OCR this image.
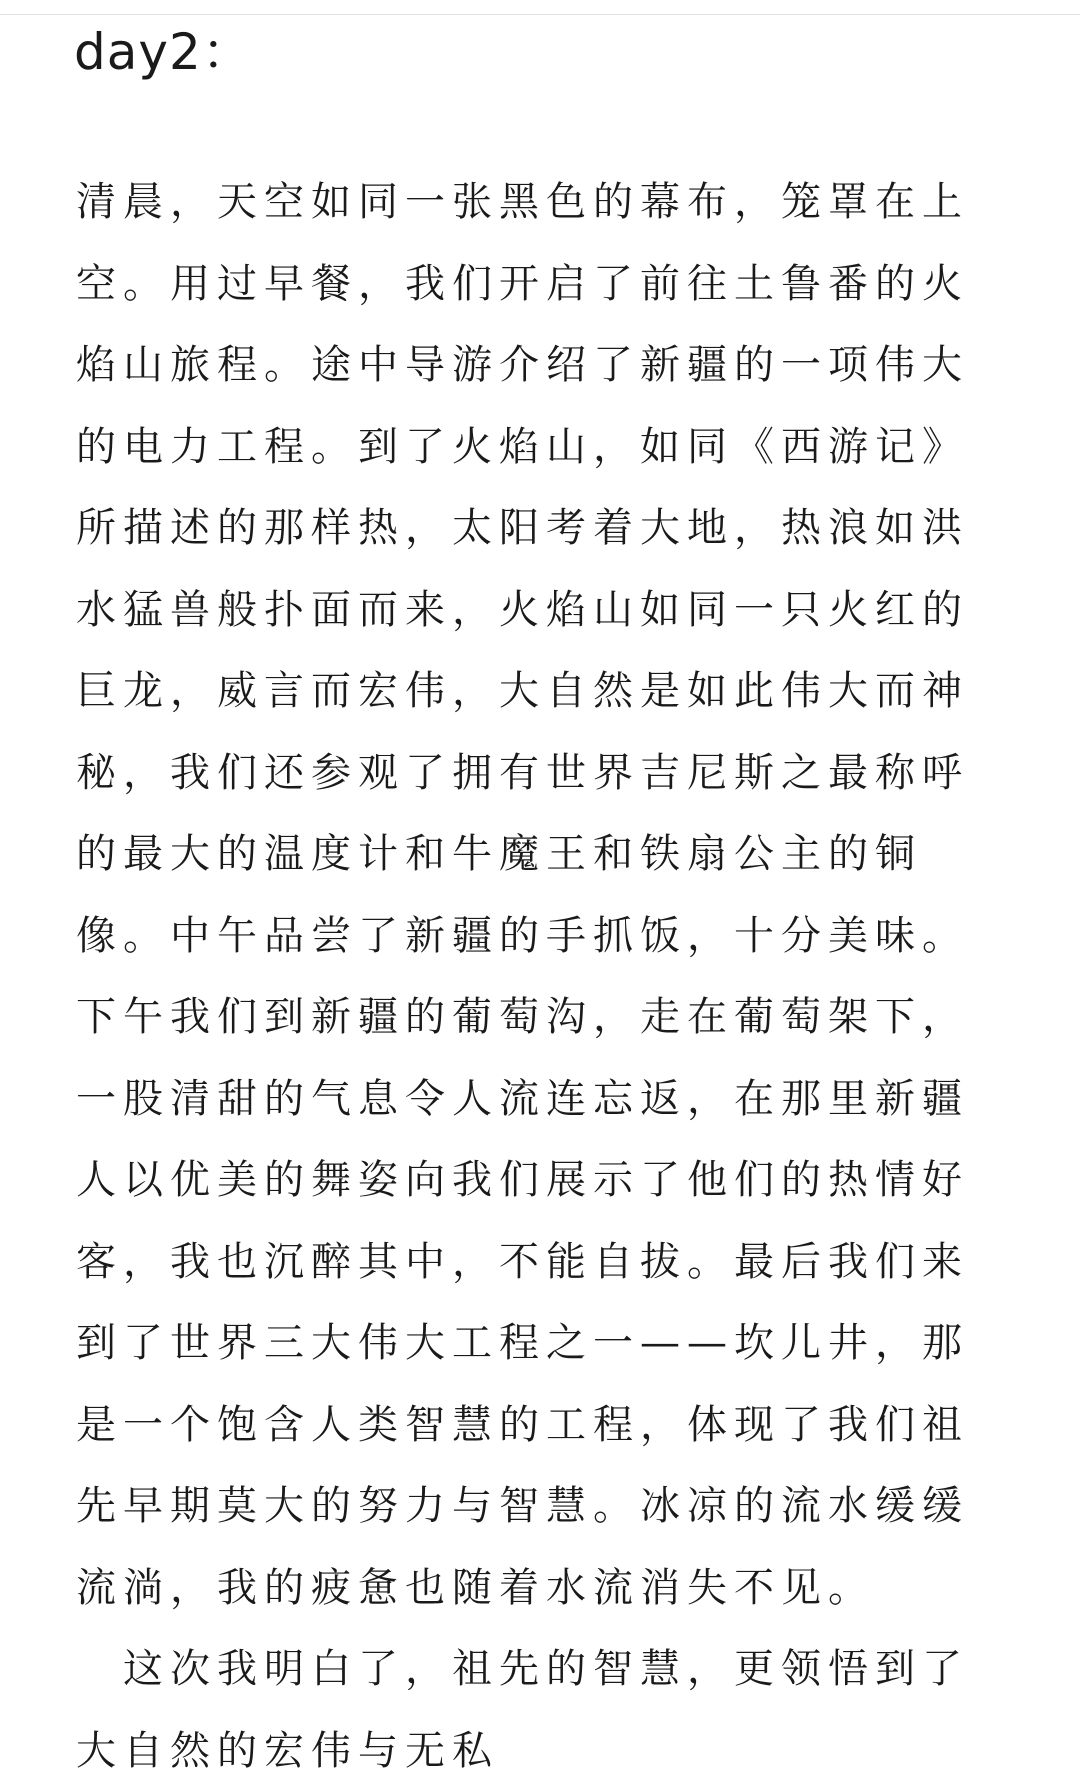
day2：
清晨，天空如同一张黑色的幕布，笼罩在上
空。用过早餐，我们开启了前往土鲁番的火
焰山旅程。途中导游介绍了新疆的一项伟大
的电力工程。到了火焰山，如同《西游记》
所描述的那样热，太阳考着大地，热浪如洪
水猛兽般扑面而来，火焰山如同一只火红的
巨龙，威言而宏伟，大自然是如此伟大而神
秘，我们还参观了拥有世界吉尼斯之最称呼
的最大的温度计和牛魔王和铁扇公主的铜
像。中午品尝了新疆的手抓饭，十分美味。
下午我们到新疆的葡萄沟，走在葡萄架下，
一股清甜的气息令人流连忘返，在那里新疆
人以优美的舞姿向我们展示了他们的热情好
客，我也沉醉其中，不能自拔。最后我们来
到了世界三大伟大工程之一——坎儿井，那
是一个饱含人类智慧的工程，体现了我们祖
先早期莫大的努力与智慧。冰凉的流水缓缓
流淌，我的疲惫也随着水流消失不见。
　这次我明白了，祖先的智慧，更领悟到了
大自然的宏伟与无私
